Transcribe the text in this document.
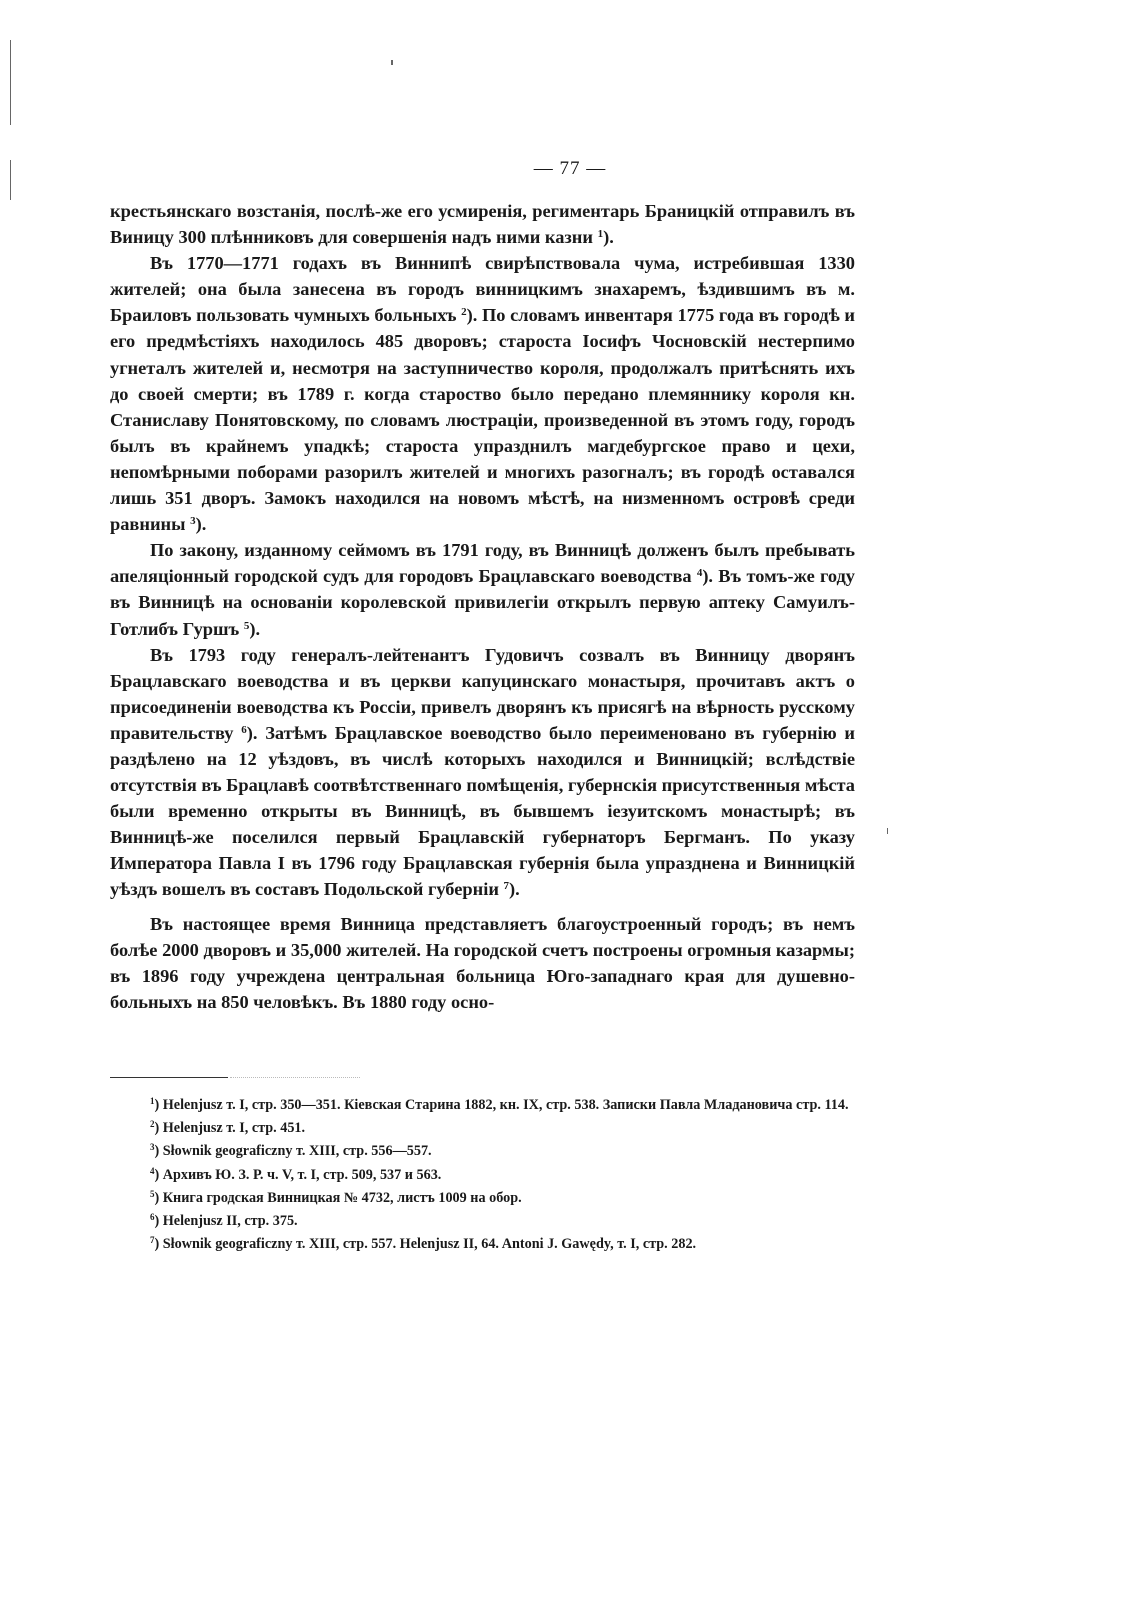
— 77 —

крестьянскаго возстанія, послѣ-же его усмиренія, региментарь Браницкій отправилъ въ Виницу 300 плѣнниковъ для совершенія надъ ними казни $^1$).

Въ 1770—1771 годахъ въ Виннипѣ свирѣпствовала чума, истребившая 1330 жителей; она была занесена въ городъ винницкимъ знахаремъ, ѣздившимъ въ м. Браиловъ пользовать чумныхъ больныхъ $^2$). По словамъ инвентаря 1775 года въ городѣ и его предмѣстіяхъ находилось 485 дворовъ; староста Іосифъ Чосновскій нестерпимо угнеталъ жителей и, несмотря на заступничество короля, продолжалъ притѣснять ихъ до своей смерти; въ 1789 г. когда староство было передано племяннику короля кн. Станиславу Понятовскому, по словамъ люстраціи, произведенной въ этомъ году, городъ былъ въ крайнемъ упадкѣ; староста упразднилъ магдебургское право и цехи, непомѣрными поборами разорилъ жителей и многихъ разогналъ; въ городѣ оставался лишь 351 дворъ. Замокъ находился на новомъ мѣстѣ, на низменномъ островѣ среди равнины $^3$).

По закону, изданному сеймомъ въ 1791 году, въ Винницѣ долженъ былъ пребывать апеляціонный городской судъ для городовъ Брацлавскаго воеводства $^4$). Въ томъ-же году въ Винницѣ на основаніи королевской привилегіи открылъ первую аптеку Самуилъ-Готлибъ Гуршъ $^5$).

Въ 1793 году генералъ-лейтенантъ Гудовичъ созвалъ въ Винницу дворянъ Брацлавскаго воеводства и въ церкви капуцинскаго монастыря, прочитавъ актъ о присоединеніи воеводства къ Россіи, привелъ дворянъ къ присягѣ на вѣрность русскому правительству $^6$). Затѣмъ Брацлавское воеводство было переименовано въ губернію и раздѣлено на 12 уѣздовъ, въ числѣ которыхъ находился и Винницкій; вслѣдствіе отсутствія въ Брацлавѣ соотвѣтственнаго помѣщенія, губернскія присутственныя мѣста были временно открыты въ Винницѣ, въ бывшемъ іезуитскомъ монастырѣ; въ Винницѣ-же поселился первый Брацлавскій губернаторъ Бергманъ. По указу Императора Павла I въ 1796 году Брацлавская губернія была упразднена и Винницкій уѣздъ вошелъ въ составъ Подольской губерніи $^7$).

Въ настоящее время Винница представляетъ благоустроенный городъ; въ немъ болѣе 2000 дворовъ и 35,000 жителей. На городской счетъ построены огромныя казармы; въ 1896 году учреждена центральная больница Юго-западнаго края для душевно-больныхъ на 850 человѣкъ. Въ 1880 году осно-

$^1$) Helenjusz т. I, стр. 350—351. Кіевская Старина 1882, кн. IX, стр. 538. Записки Павла Младановича стр. 114.

$^2$) Helenjusz т. I, стр. 451.

$^3$) Słownik geograficzny т. XIII, стр. 556—557.

$^4$) Архивъ Ю. З. Р. ч. V, т. I, стр. 509, 537 и 563.

$^5$) Книга гродская Винницкая № 4732, листъ 1009 на обор.

$^6$) Helenjusz II, стр. 375.

$^7$) Słownik geograficzny т. XIII, стр. 557. Helenjusz II, 64. Antoni J. Gawędy, т. I, стр. 282.
